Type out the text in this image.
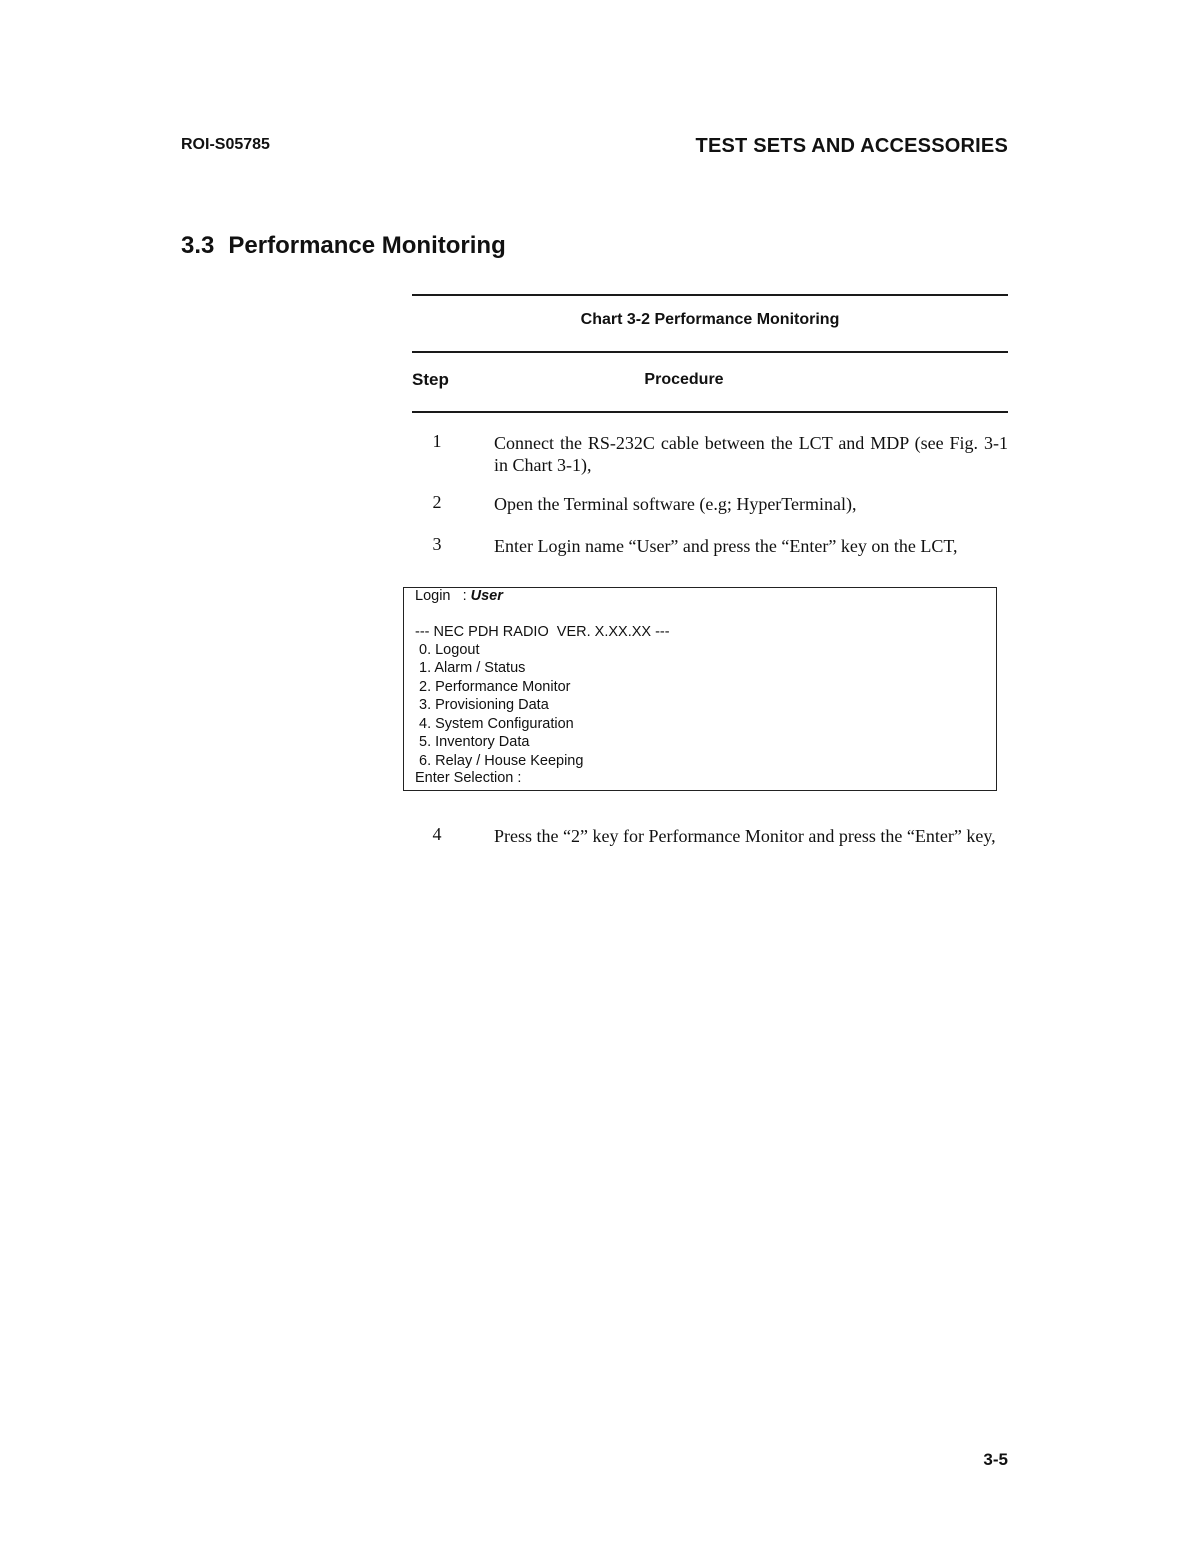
ROI-S05785	TEST SETS AND ACCESSORIES
3.3 Performance Monitoring
Chart 3-2 Performance Monitoring
Step	Procedure
1	Connect the RS-232C cable between the LCT and MDP (see Fig. 3-1 in Chart 3-1),
2	Open the Terminal software (e.g; HyperTerminal),
3	Enter Login name “User” and press the “Enter” key on the LCT,
Login   : User
--- NEC PDH RADIO  VER. X.XX.XX ---
0. Logout
1. Alarm / Status
2. Performance Monitor
3. Provisioning Data
4. System Configuration
5. Inventory Data
6. Relay / House Keeping
Enter Selection :
4	Press the “2” key for Performance Monitor and press the “Enter” key,
3-5
